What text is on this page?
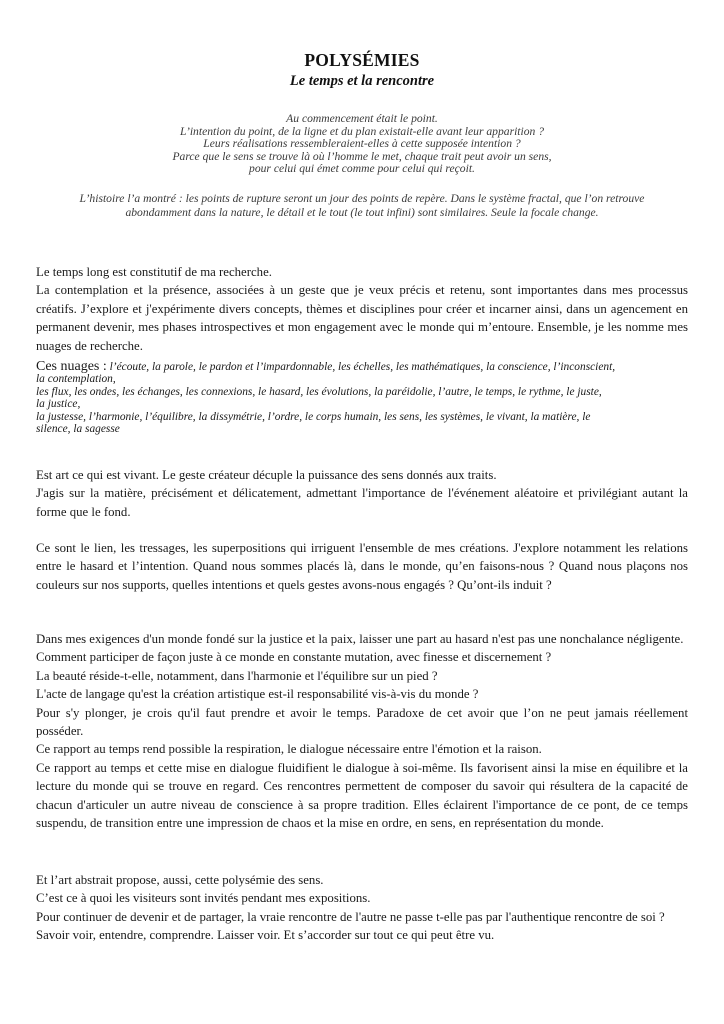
POLYSÉMIES
Le temps et la rencontre
Au commencement était le point.
L’intention du point, de la ligne et du plan existait-elle avant leur apparition ?
Leurs réalisations ressembleraient-elles à cette supposée intention ?
Parce que le sens se trouve là où l’homme le met, chaque trait peut avoir un sens,
pour celui qui émet comme pour celui qui reçoit.
L’histoire l’a montré : les points de rupture seront un jour des points de repère. Dans le système fractal, que l’on retrouve
abondamment dans la nature, le détail et le tout (le tout infini) sont similaires. Seule la focale change.

Le temps long est constitutif de ma recherche.

La contemplation et la présence, associées à un geste que je veux précis et retenu, sont importantes dans mes processus créatifs. J’explore et j'expérimente divers concepts, thèmes et disciplines pour créer et incarner ainsi, dans un agencement en permanent devenir, mes phases introspectives et mon engagement avec le monde qui m’entoure. Ensemble, je les nomme mes nuages de recherche.

Ces nuages : l’écoute, la parole, le pardon et l’impardonnable, les échelles, les mathématiques, la conscience, l’inconscient,
la contemplation,
les flux, les ondes, les échanges, les connexions, le hasard, les évolutions, la paréidolie, l’autre, le temps, le rythme, le juste,
la justice,
la justesse, l’harmonie, l’équilibre, la dissymétrie, l’ordre, le corps humain, les sens, les systèmes, le vivant, la matière, le
silence, la sagesse

Est art ce qui est vivant. Le geste créateur décuple la puissance des sens donnés aux traits.

J'agis sur la matière, précisément et délicatement, admettant l'importance de l'événement aléatoire et privilégiant autant la forme que le fond.

Ce sont le lien, les tressages, les superpositions qui irriguent l'ensemble de mes créations. J'explore notamment les relations entre le hasard et l’intention. Quand nous sommes placés là, dans le monde, qu’en faisons-nous ? Quand nous plaçons nos couleurs sur nos supports, quelles intentions et quels gestes avons-nous engagés ? Qu’ont-ils induit ?

Dans mes exigences d'un monde fondé sur la justice et la paix, laisser une part au hasard n'est pas une nonchalance négligente.

Comment participer de façon juste à ce monde en constante mutation, avec finesse et discernement ?

La beauté réside-t-elle, notamment, dans l'harmonie et l'équilibre sur un pied ?

L'acte de langage qu'est la création artistique est-il responsabilité vis-à-vis du monde ?

Pour s'y plonger, je crois qu'il faut prendre et avoir le temps. Paradoxe de cet avoir que l’on ne peut jamais réellement posséder.

Ce rapport au temps rend possible la respiration, le dialogue nécessaire entre l'émotion et la raison.

Ce rapport au temps et cette mise en dialogue fluidifient le dialogue à soi-même. Ils favorisent ainsi la mise en équilibre et la lecture du monde qui se trouve en regard. Ces rencontres permettent de composer du savoir qui résultera de la capacité de chacun d'articuler un autre niveau de conscience à sa propre tradition. Elles éclairent l'importance de ce pont, de ce temps suspendu, de transition entre une impression de chaos et la mise en ordre, en sens, en représentation du monde.

Et l’art abstrait propose, aussi, cette polysémie des sens.

C’est ce à quoi les visiteurs sont invités pendant mes expositions.

Pour continuer de devenir et de partager, la vraie rencontre de l'autre ne passe t-elle pas par l'authentique rencontre de soi ?

Savoir voir, entendre, comprendre. Laisser voir. Et s’accorder sur tout ce qui peut être vu.
